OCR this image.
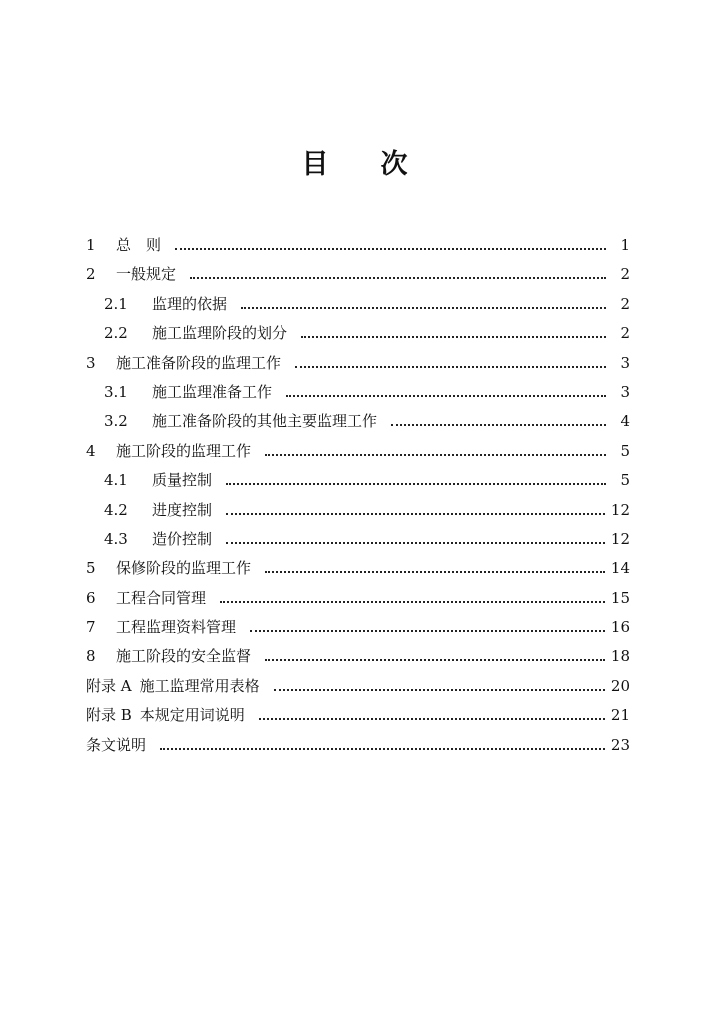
目 次
1	总　则	1
2	一般规定	2
2.1	监理的依据	2
2.2	施工监理阶段的划分	2
3	施工准备阶段的监理工作	3
3.1	施工监理准备工作	3
3.2	施工准备阶段的其他主要监理工作	4
4	施工阶段的监理工作	5
4.1	质量控制	5
4.2	进度控制	12
4.3	造价控制	12
5	保修阶段的监理工作	14
6	工程合同管理	15
7	工程监理资料管理	16
8	施工阶段的安全监督	18
附录 A 施工监理常用表格	20
附录 B 本规定用词说明	21
条文说明	23
